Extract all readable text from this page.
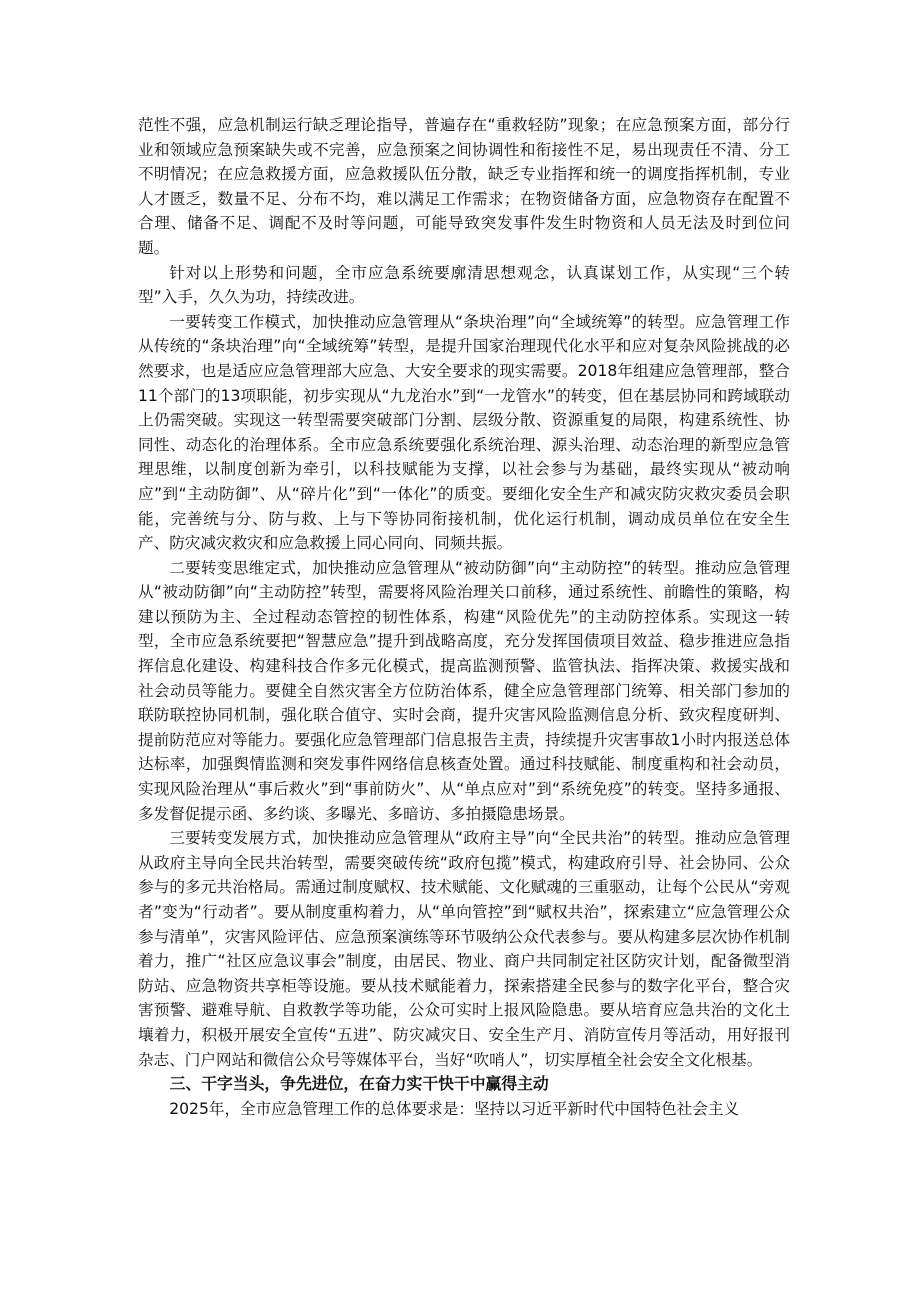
范性不强，应急机制运行缺乏理论指导，普遍存在“重救轻防”现象；在应急预案方面，部分行业和领域应急预案缺失或不完善，应急预案之间协调性和衔接性不足，易出现责任不清、分工不明情况；在应急救援方面，应急救援队伍分散，缺乏专业指挥和统一的调度指挥机制，专业人才匮乏，数量不足、分布不均，难以满足工作需求；在物资储备方面，应急物资存在配置不合理、储备不足、调配不及时等问题，可能导致突发事件发生时物资和人员无法及时到位问题。

针对以上形势和问题，全市应急系统要廓清思想观念，认真谋划工作，从实现“三个转型”入手，久久为功，持续改进。

一要转变工作模式，加快推动应急管理从“条块治理”向“全域统筹”的转型。应急管理工作从传统的“条块治理”向“全域统筹”转型，是提升国家治理现代化水平和应对复杂风险挑战的必然要求，也是适应应急管理部大应急、大安全要求的现实需要。2018年组建应急管理部，整合11个部门的13项职能，初步实现从“九龙治水”到“一龙管水”的转变，但在基层协同和跨域联动上仍需突破。实现这一转型需要突破部门分割、层级分散、资源重复的局限，构建系统性、协同性、动态化的治理体系。全市应急系统要强化系统治理、源头治理、动态治理的新型应急管理思维，以制度创新为牵引，以科技赋能为支撑，以社会参与为基础，最终实现从“被动响应”到“主动防御”、从“碎片化”到“一体化”的质变。要细化安全生产和减灾防灾救灾委员会职能，完善统与分、防与救、上与下等协同衔接机制，优化运行机制，调动成员单位在安全生产、防灾减灾救灾和应急救援上同心同向、同频共振。

二要转变思维定式，加快推动应急管理从“被动防御”向“主动防控”的转型。推动应急管理从“被动防御”向“主动防控”转型，需要将风险治理关口前移，通过系统性、前瞻性的策略，构建以预防为主、全过程动态管控的韧性体系，构建“风险优先”的主动防控体系。实现这一转型，全市应急系统要把“智慧应急”提升到战略高度，充分发挥国债项目效益、稳步推进应急指挥信息化建设、构建科技合作多元化模式，提高监测预警、监管执法、指挥决策、救援实战和社会动员等能力。要健全自然灾害全方位防治体系，健全应急管理部门统筹、相关部门参加的联防联控协同机制，强化联合值守、实时会商，提升灾害风险监测信息分析、致灾程度研判、提前防范应对等能力。要强化应急管理部门信息报告主责，持续提升灾害事故1小时内报送总体达标率，加强舆情监测和突发事件网络信息核查处置。通过科技赋能、制度重构和社会动员，实现风险治理从“事后救火”到“事前防火”、从“单点应对”到“系统免疫”的转变。坚持多通报、多发督促提示函、多约谈、多曝光、多暗访、多拍摄隐患场景。

三要转变发展方式，加快推动应急管理从“政府主导”向“全民共治”的转型。推动应急管理从政府主导向全民共治转型，需要突破传统“政府包揽”模式，构建政府引导、社会协同、公众参与的多元共治格局。需通过制度赋权、技术赋能、文化赋魂的三重驱动，让每个公民从“旁观者”变为“行动者”。要从制度重构着力，从“单向管控”到“赋权共治”，探索建立“应急管理公众参与清单”，灾害风险评估、应急预案演练等环节吸纳公众代表参与。要从构建多层次协作机制着力，推广“社区应急议事会”制度，由居民、物业、商户共同制定社区防灾计划，配备微型消防站、应急物资共享柜等设施。要从技术赋能着力，探索搭建全民参与的数字化平台，整合灾害预警、避难导航、自救教学等功能，公众可实时上报风险隐患。要从培育应急共治的文化土壤着力，积极开展安全宣传“五进”、防灾减灾日、安全生产月、消防宣传月等活动，用好报刊杂志、门户网站和微信公众号等媒体平台，当好“吹哨人”，切实厚植全社会安全文化根基。

三、干字当头，争先进位，在奋力实干快干中赢得主动

2025年，全市应急管理工作的总体要求是：坚持以习近平新时代中国特色社会主义
